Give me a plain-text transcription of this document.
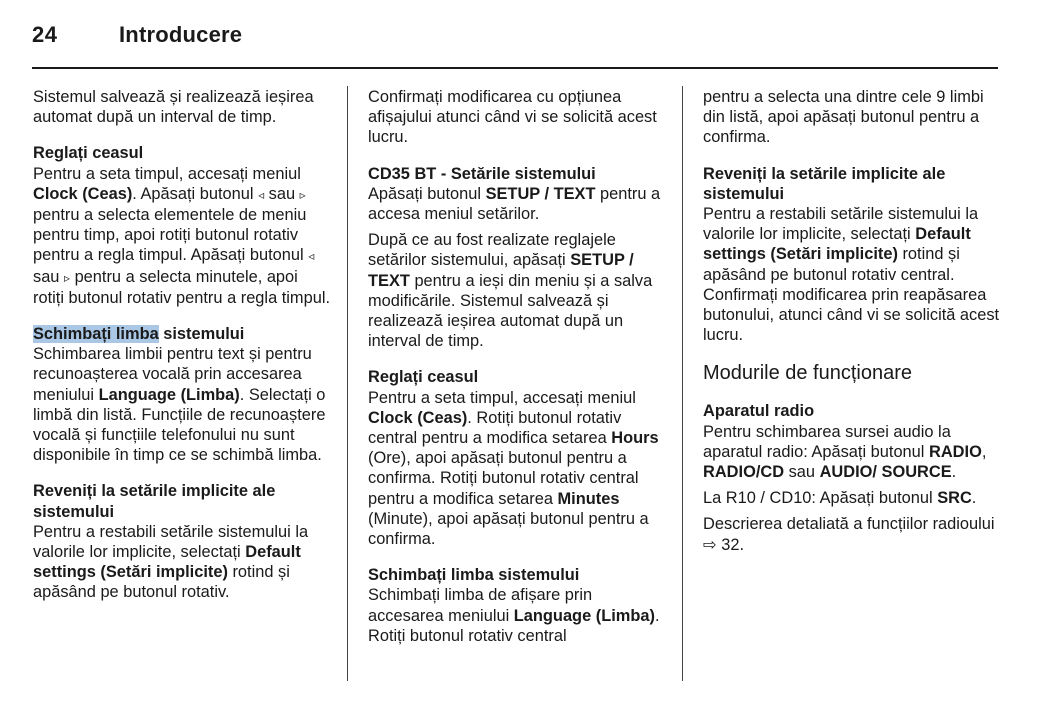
24	Introducere

Sistemul salvează și realizează ieșirea automat după un interval de timp.

Reglați ceasul

Pentru a seta timpul, accesați meniul Clock (Ceas). Apăsați butonul ◃ sau ▹ pentru a selecta elementele de meniu pentru timp, apoi rotiți butonul rotativ pentru a regla timpul. Apăsați butonul ◃ sau ▹ pentru a selecta minutele, apoi rotiți butonul rotativ pentru a regla timpul.

Schimbați limba sistemului

Schimbarea limbii pentru text și pentru recunoașterea vocală prin accesarea meniului Language (Limba). Selectați o limbă din listă. Funcțiile de recunoaștere vocală și funcțiile telefonului nu sunt disponibile în timp ce se schimbă limba.

Reveniți la setările implicite ale sistemului

Pentru a restabili setările sistemului la valorile lor implicite, selectați Default settings (Setări implicite) rotind și apăsând pe butonul rotativ.

Confirmați modificarea cu opțiunea afișajului atunci când vi se solicită acest lucru.

CD35 BT - Setările sistemului

Apăsați butonul SETUP / TEXT pentru a accesa meniul setărilor.

După ce au fost realizate reglajele setărilor sistemului, apăsați SETUP / TEXT pentru a ieși din meniu și a salva modificările. Sistemul salvează și realizează ieșirea automat după un interval de timp.

Reglați ceasul

Pentru a seta timpul, accesați meniul Clock (Ceas). Rotiți butonul rotativ central pentru a modifica setarea Hours (Ore), apoi apăsați butonul pentru a confirma. Rotiți butonul rotativ central pentru a modifica setarea Minutes (Minute), apoi apăsați butonul pentru a confirma.

Schimbați limba sistemului

Schimbați limba de afișare prin accesarea meniului Language (Limba). Rotiți butonul rotativ central

pentru a selecta una dintre cele 9 limbi din listă, apoi apăsați butonul pentru a confirma.

Reveniți la setările implicite ale sistemului

Pentru a restabili setările sistemului la valorile lor implicite, selectați Default settings (Setări implicite) rotind și apăsând pe butonul rotativ central. Confirmați modificarea prin reapăsarea butonului, atunci când vi se solicită acest lucru.

Modurile de funcționare
Aparatul radio

Pentru schimbarea sursei audio la aparatul radio: Apăsați butonul RADIO, RADIO/CD sau AUDIO/ SOURCE.

La R10 / CD10: Apăsați butonul SRC.

Descrierea detaliată a funcțiilor radioului ⇨ 32.
